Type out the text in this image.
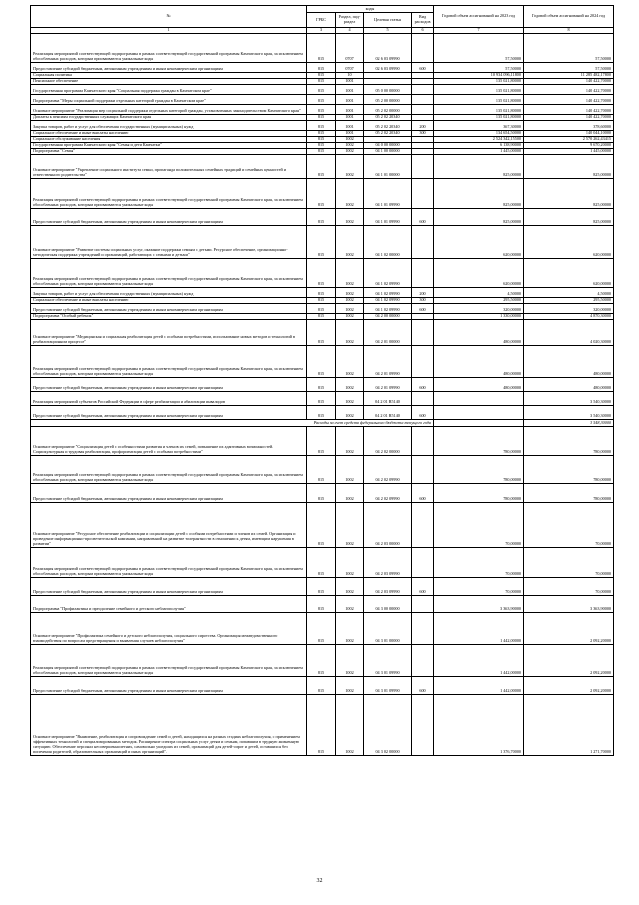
№	коды				Годовой объем ассигнований на 2023 год	Годовой объем ассигнований на 2024 год
	ГРБС	Раздел, под-раздел	Целевая статья	Вид расходов		
1	3	4	5	6	7	8
Реализация мероприятий соответствующей подпрограммы в рамках соответствующей государственной программы Камчатского края, за исключением обособленных расходов, которым присваиваются уникальные коды	815	0707	02 6 03 09990		57,50000	57,50000
Предоставление субсидий бюджетным, автономным учреждениям и иным некоммерческим организациям	815	0707	02 6 03 09990	600	57,50000	57,50000
Социальная политика	815	10			10 934 096,11800	11 285 482,17800
Пенсионное обеспечение	815	1001			135 021,80000	140 422,70000
Государственная программа Камчатского края "Социальная поддержка граждан в Камчатском крае"	815	1001	05 0 00 00000		135 021,80000	140 422,70000
Подпрограмма "Меры социальной поддержки отдельных категорий граждан в Камчатском крае"	815	1001	05 2 00 00000		135 021,80000	140 422,70000
Основное мероприятие "Реализация мер социальной поддержки отдельных категорий граждан, установленных законодательством Камчатского края"	815	1001	05 2 02 00000		135 021,80000	140 422,70000
Доплаты к пенсиям государственных служащих Камчатского края	815	1001	05 2 02 20340		135 021,80000	140 422,70000
Закупка товаров, работ и услуг для обеспечения государственных (муниципальных) нужд	815	1001	05 2 02 20340	200	367,30000	378,60000
Социальное обеспечение и иные выплаты населению	815	1001	05 2 02 20340	300	134 654,50000	140 044,10000
Социальное обслуживание населения	815	1002			2 524 342,15500	2 570 262,43415
Государственная программа Камчатского края "Семья и дети Камчатки"	815	1002	04 0 00 00000		6 138,90000	9 670,20000
Подпрограмма "Семья"	815	1002	04 1 00 00000		1 445,00000	1 445,00000
Основное мероприятие "Укрепление социального института семьи, пропаганда положительных семейных традиций и семейных ценностей и ответственного родительства"	815	1002	04 1 01 00000		825,00000	825,00000
Реализация мероприятий соответствующей подпрограммы в рамках соответствующей государственной программы Камчатского края, за исключением обособленных расходов, которым присваиваются уникальные коды	815	1002	04 1 01 09990		825,00000	825,00000
Предоставление субсидий бюджетным, автономным учреждениям и иным некоммерческим организациям	815	1002	04 1 01 09990	600	825,00000	825,00000
Основное мероприятие "Развитие системы социальных услуг, оказание поддержки семьям с детьми. Ресурсное обеспечение, организационно-методическая поддержка учреждений и организаций, работающих с семьями и детьми"	815	1002	04 1 02 00000		620,00000	620,00000
Реализация мероприятий соответствующей подпрограммы в рамках соответствующей государственной программы Камчатского края, за исключением обособленных расходов, которым присваиваются уникальные коды	815	1002	04 1 02 09990		620,00000	620,00000
Закупка товаров, работ и услуг для обеспечения государственных (муниципальных) нужд	815	1002	04 1 02 09990	200	4,50000	4,50000
Социальное обеспечение и иные выплаты населению	815	1002	04 1 02 09990	300	295,50000	295,50000
Предоставление субсидий бюджетным, автономным учреждениям и иным некоммерческим организациям	815	1002	04 1 02 09990	600	320,00000	320,00000
Подпрограмма "Особый ребенок"	815	1002	04 2 00 00000		1 330,00000	4 870,30000
Основное мероприятие "Медицинская и социальная реабилитация детей с особыми потребностями, использование новых методов и технологий в реабилитационном процессе"	815	1002	04 2 01 00000		480,00000	4 020,30000
Реализация мероприятий соответствующей подпрограммы в рамках соответствующей государственной программы Камчатского края, за исключением обособленных расходов, которым присваиваются уникальные коды	815	1002	04 2 01 09990		480,00000	480,00000
Предоставление субсидий бюджетным, автономным учреждениям и иным некоммерческим организациям	815	1002	04 2 01 09990	600	480,00000	480,00000
Реализация мероприятий субъектов Российской Федерации в сфере реабилитации и абилитации инвалидов	815	1002	04 2 01 R5140			3 540,30000
Предоставление субсидий бюджетным, автономным учреждениям и иным некоммерческим организациям	815	1002	04 2 01 R5140	600		3 540,30000
Расходы за счет средств федерального бюджета текущего года						3 548,30000
Основное мероприятие "Социализация детей с особенностями развития и членов их семей, повышение их адаптивных возможностей. Социокультурная и трудовая реабилитация, профориентация детей с особыми потребностями"	815	1002	04 2 02 00000		780,00000	780,00000
Реализация мероприятий соответствующей подпрограммы в рамках соответствующей государственной программы Камчатского края, за исключением обособленных расходов, которым присваиваются уникальные коды	815	1002	04 2 02 09990		780,00000	780,00000
Предоставление субсидий бюджетным, автономным учреждениям и иным некоммерческим организациям	815	1002	04 2 02 09990	600	780,00000	780,00000
Основное мероприятие "Ресурсное обеспечение реабилитации и социализации детей с особыми потребностями и членов их семей. Организация и проведение информационно-просветительской кампании, направленной на развитие толерантности в отношении к детям, имеющим нарушения в развитии"	815	1002	04 2 03 00000		70,00000	70,00000
Реализация мероприятий соответствующей подпрограммы в рамках соответствующей государственной программы Камчатского края, за исключением обособленных расходов, которым присваиваются уникальные коды	815	1002	04 2 03 09990		70,00000	70,00000
Предоставление субсидий бюджетным, автономным учреждениям и иным некоммерческим организациям	815	1002	04 2 03 09990	600	70,00000	70,00000
Подпрограмма "Профилактика и преодоление семейного и детского неблагополучия"	815	1002	04 3 00 00000		3 363,90000	3 363,90000
Основное мероприятие "Профилактика семейного и детского неблагополучия, социального сиротства. Организация межведомственного взаимодействия по вопросам предотвращения и выявления случаев неблагополучия"	815	1002	04 3 01 00000		1 442,00000	2 092,20000
Реализация мероприятий соответствующей подпрограммы в рамках соответствующей государственной программы Камчатского края, за исключением обособленных расходов, которым присваиваются уникальные коды	815	1002	04 3 01 09990		1 442,00000	2 092,20000
Предоставление субсидий бюджетным, автономным учреждениям и иным некоммерческим организациям	815	1002	04 3 01 09990	600	1 442,00000	2 092,20000
Основное мероприятие "Выявление, реабилитация и сопровождение семей и детей, находящихся на разных стадиях неблагополучия, с применением эффективных технологий и специализированных методик. Расширение спектра социальных услуг детям и семьям, попавшим в трудную жизненную ситуацию. Обеспечение персонал несовершеннолетних, самовольно ушедших из семей, организаций для детей-сирот и детей, оставшихся без попечения родителей, образовательных организаций и иных организаций".	815	1002	04 3 02 00000		1 376,70000	1 271,70000
32
